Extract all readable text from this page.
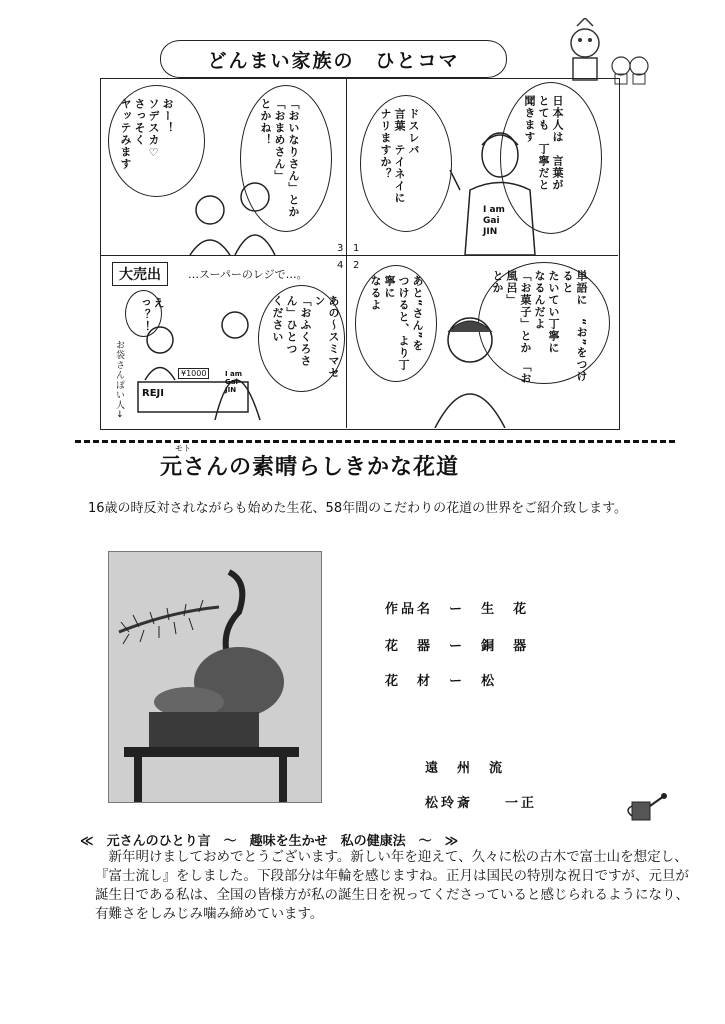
どんまい家族の　ひとコマ
3 1
4 2
日本人は　言葉が
とても　丁寧だと
聞きます
ドスレバ
言葉　テイネイに
ナリますか？
I am
Gai
JIN
「おいなりさん」とか
「おまめさん」
とかね！
おー！
ソデスカ♡
さっそく
ヤッテみます
単語に　“お”をつけると
たいてい丁寧に
なるんだよ
「お菓子」とか　「お風呂」
とか
あと“さん”を
つけると、より丁寧に
なるよ
大売出	…スーパーのレジで…。
あの～スミマセン
「おふくろさん」ひとつ
ください
えっ？！
お袋さんぽい人→	¥1000
REJI
I am
Gai
JIN
モト
元さんの素晴らしきかな花道
16歳の時反対されながらも始めた生花、58年間のこだわりの花道の世界をご紹介致します。
作品名　 ー　 生　花
花　器　 ー　 銅　器
花　材　 ー　 松
遠　州　流
松玲斎　　一正
≪　元さんのひとり言　～　趣味を生かせ　私の健康法　～　≫
新年明けましておめでとうございます。新しい年を迎えて、久々に松の古木で富士山を想定し、『富士流し』をしました。下段部分は年輪を感じますね。正月は国民の特別な祝日ですが、元旦が誕生日である私は、全国の皆様方が私の誕生日を祝ってくださっていると感じられるようになり、有難さをしみじみ噛み締めています。
